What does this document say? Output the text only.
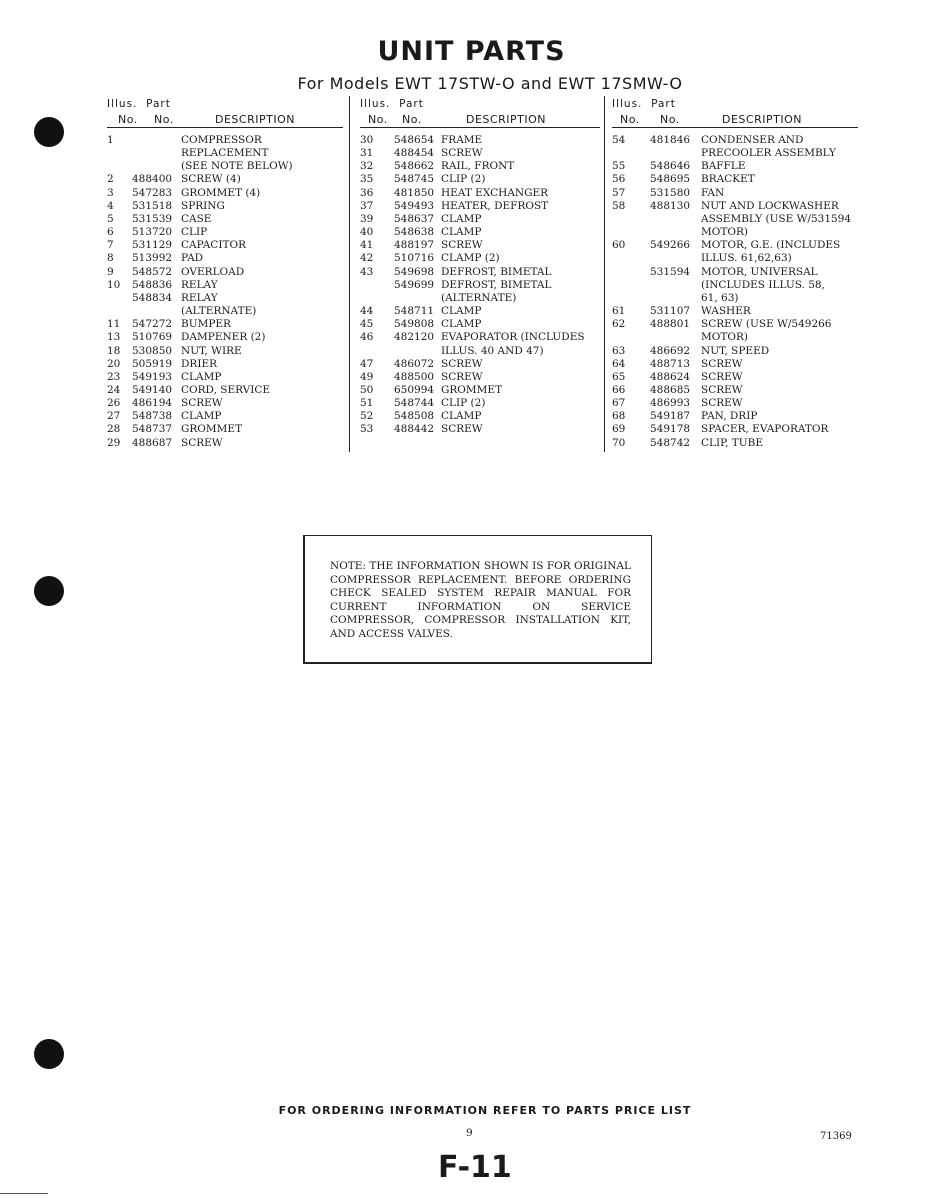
UNIT PARTS
For Models EWT 17STW-O and EWT 17SMW-O
Illus. Part
No. No.	DESCRIPTION
1	COMPRESSOR REPLACEMENT
(SEE NOTE BELOW)
2 488400 SCREW (4)
3 547283 GROMMET (4)
4 531518 SPRING
5 531539 CASE
6 513720 CLIP
7 531129 CAPACITOR
8 513992 PAD
9 548572 OVERLOAD
10 548836 RELAY
548834 RELAY
(ALTERNATE)
11 547272 BUMPER
13 510769 DAMPENER (2)
18 530850 NUT, WIRE
20 505919 DRIER
23 549193 CLAMP
24 549140 CORD, SERVICE
26 486194 SCREW
27 548738 CLAMP
28 548737 GROMMET
29 488687 SCREW
Illus. Part
No. No.	DESCRIPTION
30 548654 FRAME
31 488454 SCREW
32 548662 RAIL, FRONT
35 548745 CLIP (2)
36 481850 HEAT EXCHANGER
37 549493 HEATER, DEFROST
39 548637 CLAMP
40 548638 CLAMP
41 488197 SCREW
42 510716 CLAMP (2)
43 549698 DEFROST, BIMETAL
549699 DEFROST, BIMETAL
(ALTERNATE)
44 548711 CLAMP
45 549808 CLAMP
46 482120 EVAPORATOR (INCLUDES
ILLUS. 40 AND 47)
47 486072 SCREW
49 488500 SCREW
50 650994 GROMMET
51 548744 CLIP (2)
52 548508 CLAMP
53 488442 SCREW
Illus. Part
No. No.	DESCRIPTION
54 481846	CONDENSER AND
PRECOOLER ASSEMBLY
55 548646	BAFFLE
56 548695	BRACKET
57 531580	FAN
58 488130	NUT AND LOCKWASHER
ASSEMBLY (USE W/531594
MOTOR)
60 549266	MOTOR, G.E. (INCLUDES
ILLUS. 61,62,63)
531594	MOTOR, UNIVERSAL
(INCLUDES ILLUS. 58,
61, 63)
61 531107	WASHER
62 488801	SCREW (USE W/549266
MOTOR)
63 486692	NUT, SPEED
64 488713	SCREW
65 488624	SCREW
66 488685	SCREW
67 486993	SCREW
68 549187	PAN, DRIP
69 549178	SPACER, EVAPORATOR
70 548742	CLIP, TUBE
NOTE: THE INFORMATION SHOWN IS FOR ORIGINAL COMPRESSOR REPLACEMENT. BEFORE ORDERING CHECK SEALED SYSTEM REPAIR MANUAL FOR CURRENT INFORMATION ON SERVICE COMPRESSOR, COMPRESSOR INSTALLATION KIT, AND ACCESS VALVES.
FOR ORDERING INFORMATION REFER TO PARTS PRICE LIST
9	71369
F-11
